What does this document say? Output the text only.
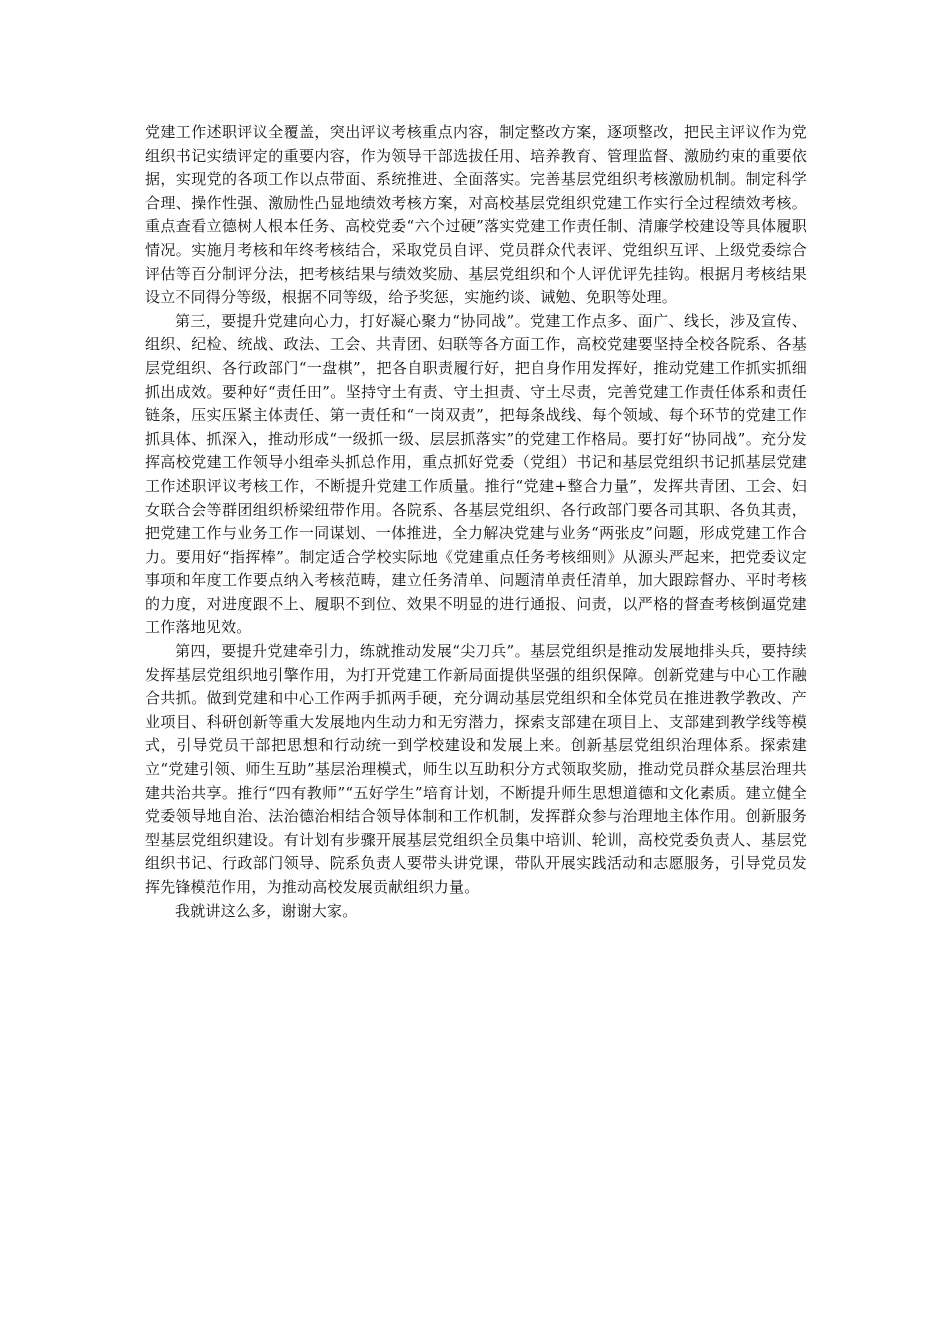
党建工作述职评议全覆盖，突出评议考核重点内容，制定整改方案，逐项整改，把民主评议作为党组织书记实绩评定的重要内容，作为领导干部选拔任用、培养教育、管理监督、激励约束的重要依据，实现党的各项工作以点带面、系统推进、全面落实。完善基层党组织考核激励机制。制定科学合理、操作性强、激励性凸显地绩效考核方案，对高校基层党组织党建工作实行全过程绩效考核。重点查看立德树人根本任务、高校党委“六个过硬”落实党建工作责任制、清廉学校建设等具体履职情况。实施月考核和年终考核结合，采取党员自评、党员群众代表评、党组织互评、上级党委综合评估等百分制评分法，把考核结果与绩效奖励、基层党组织和个人评优评先挂钩。根据月考核结果设立不同得分等级，根据不同等级，给予奖惩，实施约谈、诫勉、免职等处理。

第三，要提升党建向心力，打好凝心聚力“协同战”。党建工作点多、面广、线长，涉及宣传、组织、纪检、统战、政法、工会、共青团、妇联等各方面工作，高校党建要坚持全校各院系、各基层党组织、各行政部门“一盘棋”，把各自职责履行好，把自身作用发挥好，推动党建工作抓实抓细抓出成效。要种好“责任田”。坚持守土有责、守土担责、守土尽责，完善党建工作责任体系和责任链条，压实压紧主体责任、第一责任和“一岗双责”，把每条战线、每个领域、每个环节的党建工作抓具体、抓深入，推动形成“一级抓一级、层层抓落实”的党建工作格局。要打好“协同战”。充分发挥高校党建工作领导小组牵头抓总作用，重点抓好党委（党组）书记和基层党组织书记抓基层党建工作述职评议考核工作，不断提升党建工作质量。推行“党建+整合力量”，发挥共青团、工会、妇女联合会等群团组织桥梁纽带作用。各院系、各基层党组织、各行政部门要各司其职、各负其责，把党建工作与业务工作一同谋划、一体推进，全力解决党建与业务“两张皮”问题，形成党建工作合力。要用好“指挥棒”。制定适合学校实际地《党建重点任务考核细则》从源头严起来，把党委议定事项和年度工作要点纳入考核范畴，建立任务清单、问题清单责任清单，加大跟踪督办、平时考核的力度，对进度跟不上、履职不到位、效果不明显的进行通报、问责，以严格的督查考核倒逼党建工作落地见效。

第四，要提升党建牵引力，练就推动发展“尖刀兵”。基层党组织是推动发展地排头兵，要持续发挥基层党组织地引擎作用，为打开党建工作新局面提供坚强的组织保障。创新党建与中心工作融合共抓。做到党建和中心工作两手抓两手硬，充分调动基层党组织和全体党员在推进教学教改、产业项目、科研创新等重大发展地内生动力和无穷潜力，探索支部建在项目上、支部建到教学线等模式，引导党员干部把思想和行动统一到学校建设和发展上来。创新基层党组织治理体系。探索建立“党建引领、师生互助”基层治理模式，师生以互助积分方式领取奖励，推动党员群众基层治理共建共治共享。推行“四有教师”“五好学生”培育计划，不断提升师生思想道德和文化素质。建立健全党委领导地自治、法治德治相结合领导体制和工作机制，发挥群众参与治理地主体作用。创新服务型基层党组织建设。有计划有步骤开展基层党组织全员集中培训、轮训，高校党委负责人、基层党组织书记、行政部门领导、院系负责人要带头讲党课，带队开展实践活动和志愿服务，引导党员发挥先锋模范作用，为推动高校发展贡献组织力量。

我就讲这么多，谢谢大家。
